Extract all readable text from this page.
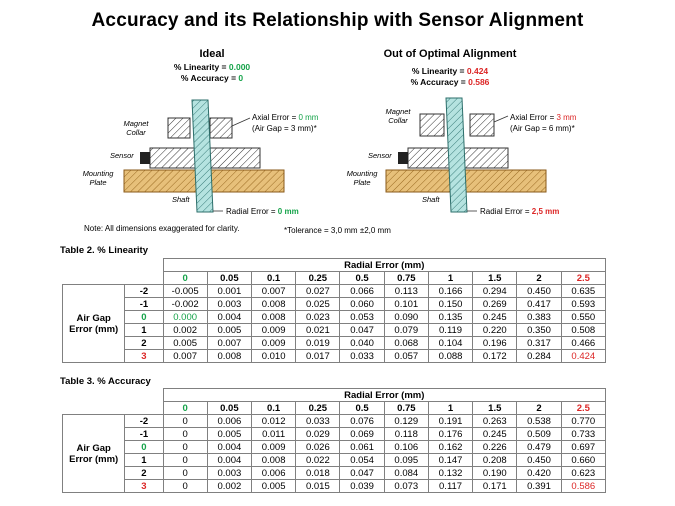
Accuracy and its Relationship with Sensor Alignment
Ideal
% Linearity = 0.000
% Accuracy = 0
Magnet Collar
Sensor
Mounting Plate
Shaft
Axial Error = 0 mm
(Air Gap = 3 mm)*
Radial Error = 0 mm
Out of Optimal Alignment
% Linearity = 0.424
% Accuracy = 0.586
Magnet Collar
Sensor
Mounting Plate
Shaft
Axial Error = 3 mm
(Air Gap = 6 mm)*
Radial Error = 2,5 mm
Note: All dimensions exaggerated for clarity.	*Tolerance = 3,0 mm ±2,0 mm
Table 2. % Linearity
		Radial Error (mm)									
		0	0.05	0.1	0.25	0.5	0.75	1	1.5	2	2.5
Air Gap Error (mm)	-2	-0.005	0.001	0.007	0.027	0.066	0.113	0.166	0.294	0.450	0.635
	-1	-0.002	0.003	0.008	0.025	0.060	0.101	0.150	0.269	0.417	0.593
	0	0.000	0.004	0.008	0.023	0.053	0.090	0.135	0.245	0.383	0.550
	1	0.002	0.005	0.009	0.021	0.047	0.079	0.119	0.220	0.350	0.508
	2	0.005	0.007	0.009	0.019	0.040	0.068	0.104	0.196	0.317	0.466
	3	0.007	0.008	0.010	0.017	0.033	0.057	0.088	0.172	0.284	0.424
Table 3. % Accuracy
		Radial Error (mm)									
		0	0.05	0.1	0.25	0.5	0.75	1	1.5	2	2.5
Air Gap Error (mm)	-2	0	0.006	0.012	0.033	0.076	0.129	0.191	0.263	0.538	0.770
	-1	0	0.005	0.011	0.029	0.069	0.118	0.176	0.245	0.509	0.733
	0	0	0.004	0.009	0.026	0.061	0.106	0.162	0.226	0.479	0.697
	1	0	0.004	0.008	0.022	0.054	0.095	0.147	0.208	0.450	0.660
	2	0	0.003	0.006	0.018	0.047	0.084	0.132	0.190	0.420	0.623
	3	0	0.002	0.005	0.015	0.039	0.073	0.117	0.171	0.391	0.586
